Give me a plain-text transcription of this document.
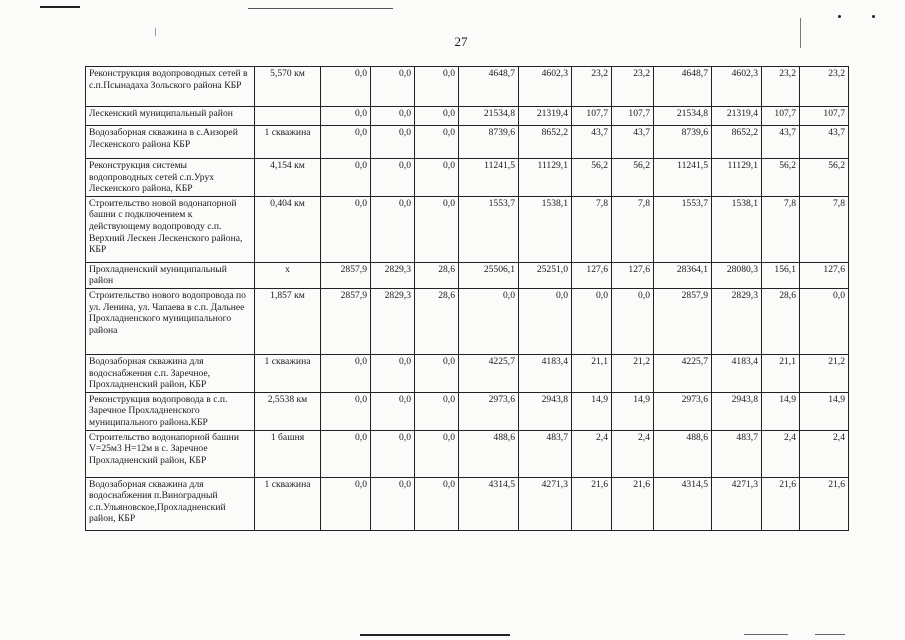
27
Реконструкция водопроводных сетей в с.п.Псынадаха Зольского района КБР	5,570 км	0,0	0,0	0,0	4648,7	4602,3	23,2	23,2	4648,7	4602,3	23,2	23,2
Лескенский муниципальный район		0,0	0,0	0,0	21534,8	21319,4	107,7	107,7	21534,8	21319,4	107,7	107,7
Водозаборная скважина в с.Анзорей Лескенского района КБР	1 скважина	0,0	0,0	0,0	8739,6	8652,2	43,7	43,7	8739,6	8652,2	43,7	43,7
Реконструкция системы водопроводных сетей с.п.Урух Лескенского района, КБР	4,154 км	0,0	0,0	0,0	11241,5	11129,1	56,2	56,2	11241,5	11129,1	56,2	56,2
Строительство новой водонапорной башни с подключением к действующему водопроводу с.п. Верхний Лескен Лескенского района, КБР	0,404 км	0,0	0,0	0,0	1553,7	1538,1	7,8	7,8	1553,7	1538,1	7,8	7,8
Прохладненский муниципальный район	х	2857,9	2829,3	28,6	25506,1	25251,0	127,6	127,6	28364,1	28080,3	156,1	127,6
Строительство нового водопровода по ул. Ленина, ул. Чапаева в с.п. Дальнее Прохладненского муниципального района	1,857 км	2857,9	2829,3	28,6	0,0	0,0	0,0	0,0	2857,9	2829,3	28,6	0,0
Водозаборная скважина для водоснабжения с.п. Заречное, Прохладненский район, КБР	1 скважина	0,0	0,0	0,0	4225,7	4183,4	21,1	21,2	4225,7	4183,4	21,1	21,2
Реконструкция водопровода в с.п. Заречное Прохладненского муниципального района.КБР	2,5538 км	0,0	0,0	0,0	2973,6	2943,8	14,9	14,9	2973,6	2943,8	14,9	14,9
Строительство водонапорной башни V=25м3 Н=12м в с. Заречное Прохладненский район, КБР	1 башня	0,0	0,0	0,0	488,6	483,7	2,4	2,4	488,6	483,7	2,4	2,4
Водозаборная скважина для водоснабжения п.Виноградный с.п.Ульяновское,Прохладненский район, КБР	1 скважина	0,0	0,0	0,0	4314,5	4271,3	21,6	21,6	4314,5	4271,3	21,6	21,6
